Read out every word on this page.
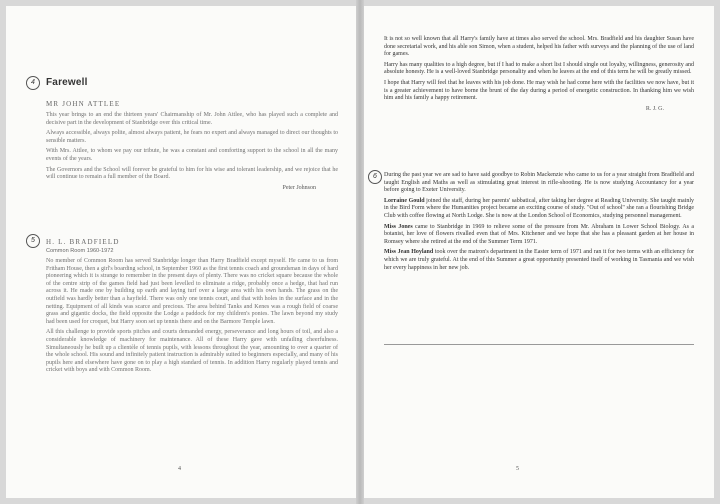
4	Farewell
MR JOHN ATTLEE

This year brings to an end the thirteen years' Chairmanship of Mr. John Attlee, who has played such a complete and decisive part in the development of Stanbridge over this critical time.

Always accessible, always polite, almost always patient, he fears no expert and always managed to direct our thoughts to sensible matters.

With Mrs. Attlee, to whom we pay our tribute, he was a constant and comforting support to the school in all the many events of the years.

The Governors and the School will forever be grateful to him for his wise and tolerant leadership, and we rejoice that he will continue to remain a full member of the Board.

Peter Johnson
5	H. L. BRADFIELD
Common Room 1960-1972

No member of Common Room has served Stanbridge longer than Harry Bradfield except myself. He came to us from Fritham House, then a girl's boarding school, in September 1960 as the first tennis coach and groundsman in days of hard pioneering which it is strange to remember in the present days of plenty. There was no cricket square because the whole of the centre strip of the games field had just been levelled to eliminate a ridge, probably once a hedge, that had run across it. He made one by building up earth and laying turf over a large area with his own hands. The grass on the outfield was hardly better than a hayfield. There was only one tennis court, and that with holes in the surface and in the netting. Equipment of all kinds was scarce and precious. The area behind Tanks and Kenes was a rough field of coarse grass and gigantic docks, the field opposite the Lodge a paddock for my children's ponies. The lawn beyond my study had been used for croquet, but Harry soon set up tennis there and on the Barmore Temple lawn.

All this challenge to provide sports pitches and courts demanded energy, perseverance and long hours of toil, and also a considerable knowledge of machinery for maintenance. All of these Harry gave with unfailing cheerfulness. Simultaneously he built up a clientèle of tennis pupils, with lessons throughout the year, amounting to over a quarter of the whole school. His sound and infinitely patient instruction is admirably suited to beginners especially, and many of his pupils here and elsewhere have gone on to play a high standard of tennis. In addition Harry regularly played tennis and cricket with boys and with Common Room.

4

It is not so well known that all Harry's family have at times also served the school. Mrs. Bradfield and his daughter Susan have done secretarial work, and his able son Simon, when a student, helped his father with surveys and the planning of the use of land for games.

Harry has many qualities to a high degree, but if I had to make a short list I should single out loyalty, willingness, generosity and absolute honesty. He is a well-loved Stanbridge personality and when he leaves at the end of this term he will be greatly missed.

I hope that Harry will feel that he leaves with his job done. He may wish he had come here with the facilities we now have, but it is a greater achievement to have borne the brunt of the day during a period of energetic construction. In thanking him we wish him and his family a happy retirement.

R. J. G.
6	During the past year we are sad to have said goodbye to Robin Mackenzie who came to us for a year straight from Bradfield and taught English and Maths as well as stimulating great interest in rifle-shooting. He is now studying Accountancy for a year before going to Exeter University.

Lorraine Gould joined the staff, during her parents' sabbatical, after taking her degree at Reading University. She taught mainly in the Bird Form where the Humanities project became an exciting course of study. "Out of school" she ran a flourishing Bridge Club with coffee flowing at North Lodge. She is now at the London School of Economics, studying personnel management.

Miss Jones came to Stanbridge in 1969 to relieve some of the pressure from Mr. Abraham in Lower School Biology. As a botanist, her love of flowers rivalled even that of Mrs. Kitchener and we hope that she has a pleasant garden at her house in Romsey where she retired at the end of the Summer Term 1971.

Miss Jean Hoyland took over the matron's department in the Easter term of 1971 and ran it for two terms with an efficiency for which we are truly grateful. At the end of this Summer a great opportunity presented itself of working in Tasmania and we wish her every happiness in her new job.

5
